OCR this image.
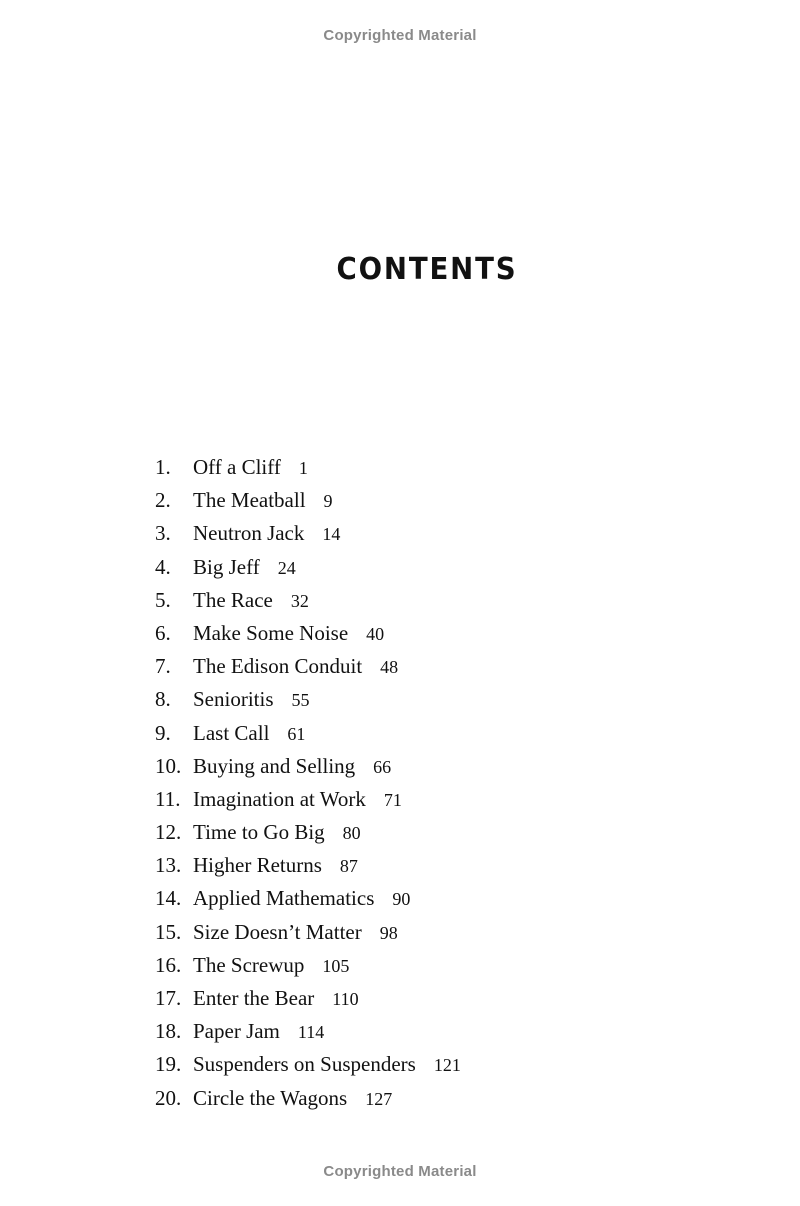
Copyrighted Material
CONTENTS
1. Off a Cliff 1
2. The Meatball 9
3. Neutron Jack 14
4. Big Jeff 24
5. The Race 32
6. Make Some Noise 40
7. The Edison Conduit 48
8. Senioritis 55
9. Last Call 61
10. Buying and Selling 66
11. Imagination at Work 71
12. Time to Go Big 80
13. Higher Returns 87
14. Applied Mathematics 90
15. Size Doesn’t Matter 98
16. The Screwup 105
17. Enter the Bear 110
18. Paper Jam 114
19. Suspenders on Suspenders 121
20. Circle the Wagons 127
Copyrighted Material
